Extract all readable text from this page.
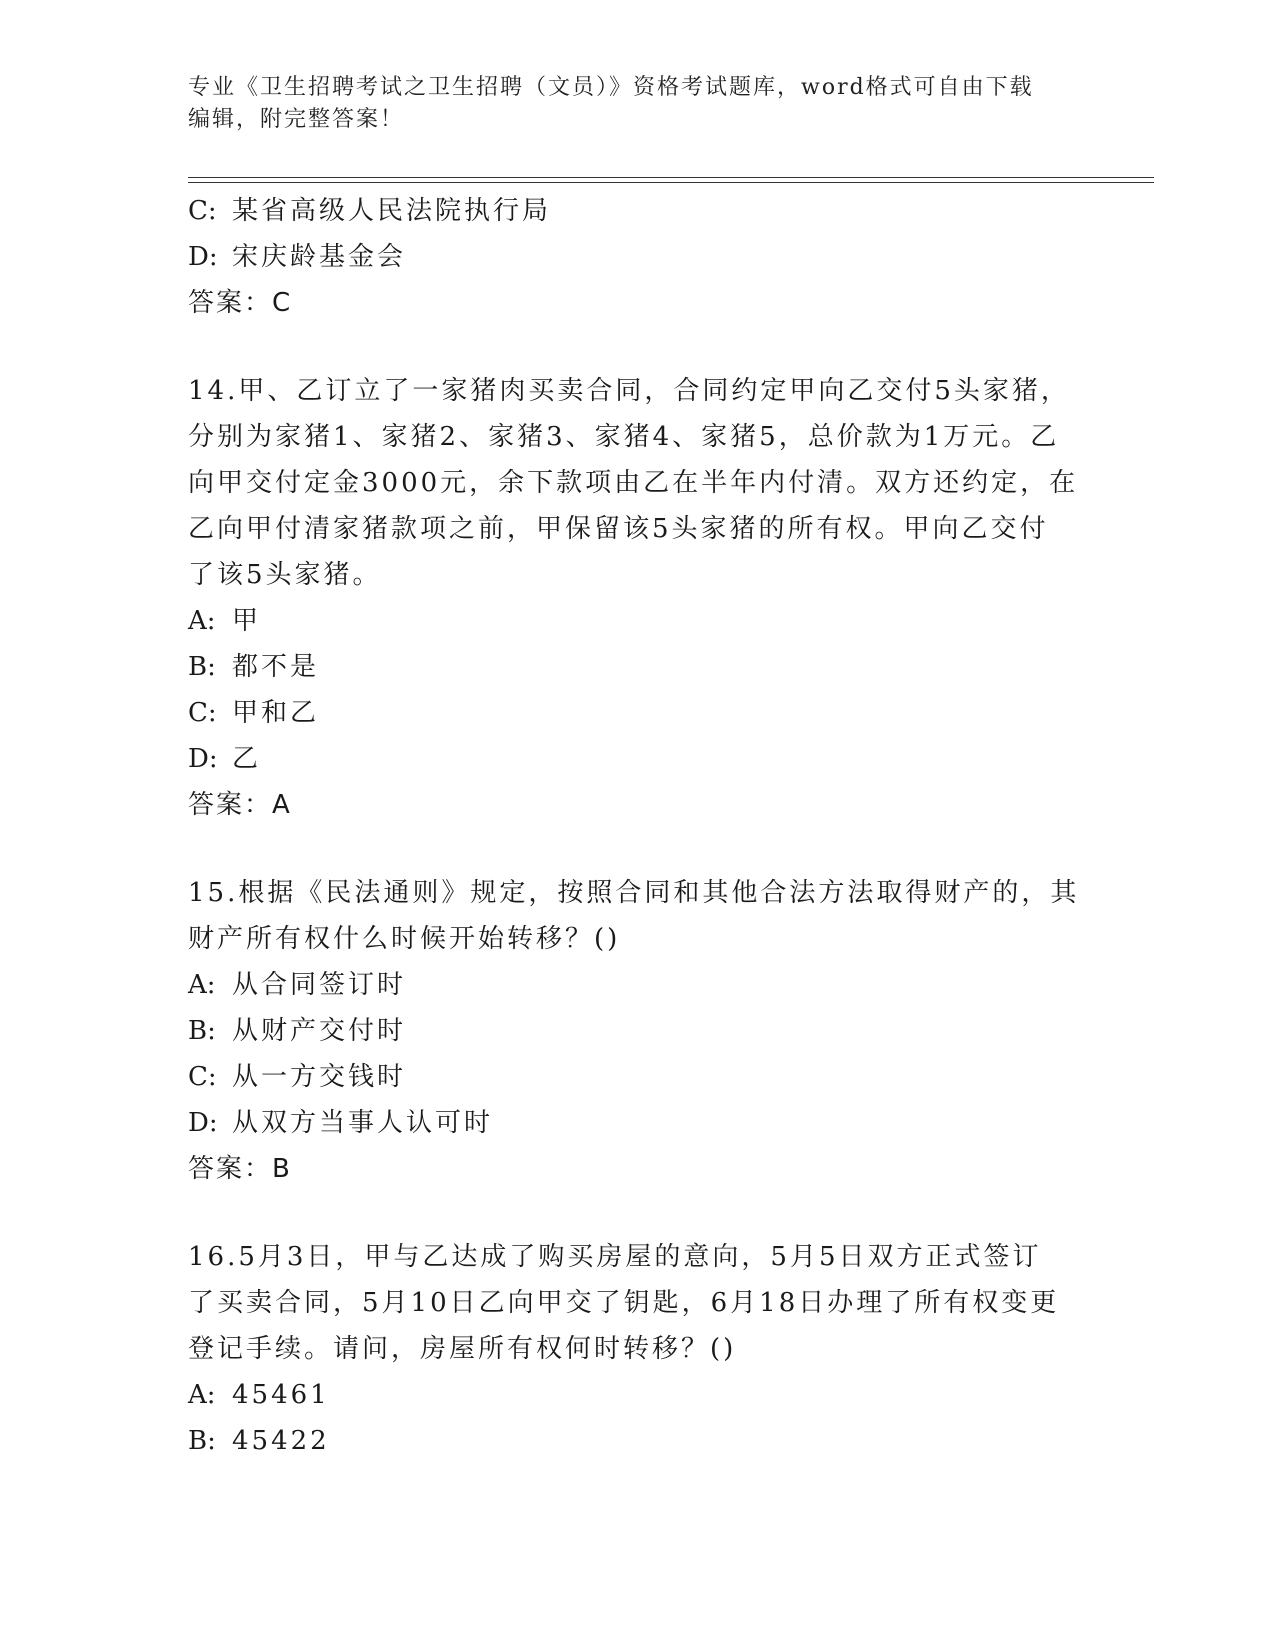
专业《卫生招聘考试之卫生招聘（文员）》资格考试题库，word格式可自由下载
编辑，附完整答案！
C: 某省高级人民法院执行局
D: 宋庆龄基金会
答案：C
14.甲、乙订立了一家猪肉买卖合同，合同约定甲向乙交付5头家猪，
分别为家猪1、家猪2、家猪3、家猪4、家猪5，总价款为1万元。乙
向甲交付定金3000元，余下款项由乙在半年内付清。双方还约定，在
乙向甲付清家猪款项之前，甲保留该5头家猪的所有权。甲向乙交付
了该5头家猪。
A: 甲
B: 都不是
C: 甲和乙
D: 乙
答案：A
15.根据《民法通则》规定，按照合同和其他合法方法取得财产的，其
财产所有权什么时候开始转移？()
A: 从合同签订时
B: 从财产交付时
C: 从一方交钱时
D: 从双方当事人认可时
答案：B
16.5月3日，甲与乙达成了购买房屋的意向，5月5日双方正式签订
了买卖合同，5月10日乙向甲交了钥匙，6月18日办理了所有权变更
登记手续。请问，房屋所有权何时转移？()
A: 45461
B: 45422
